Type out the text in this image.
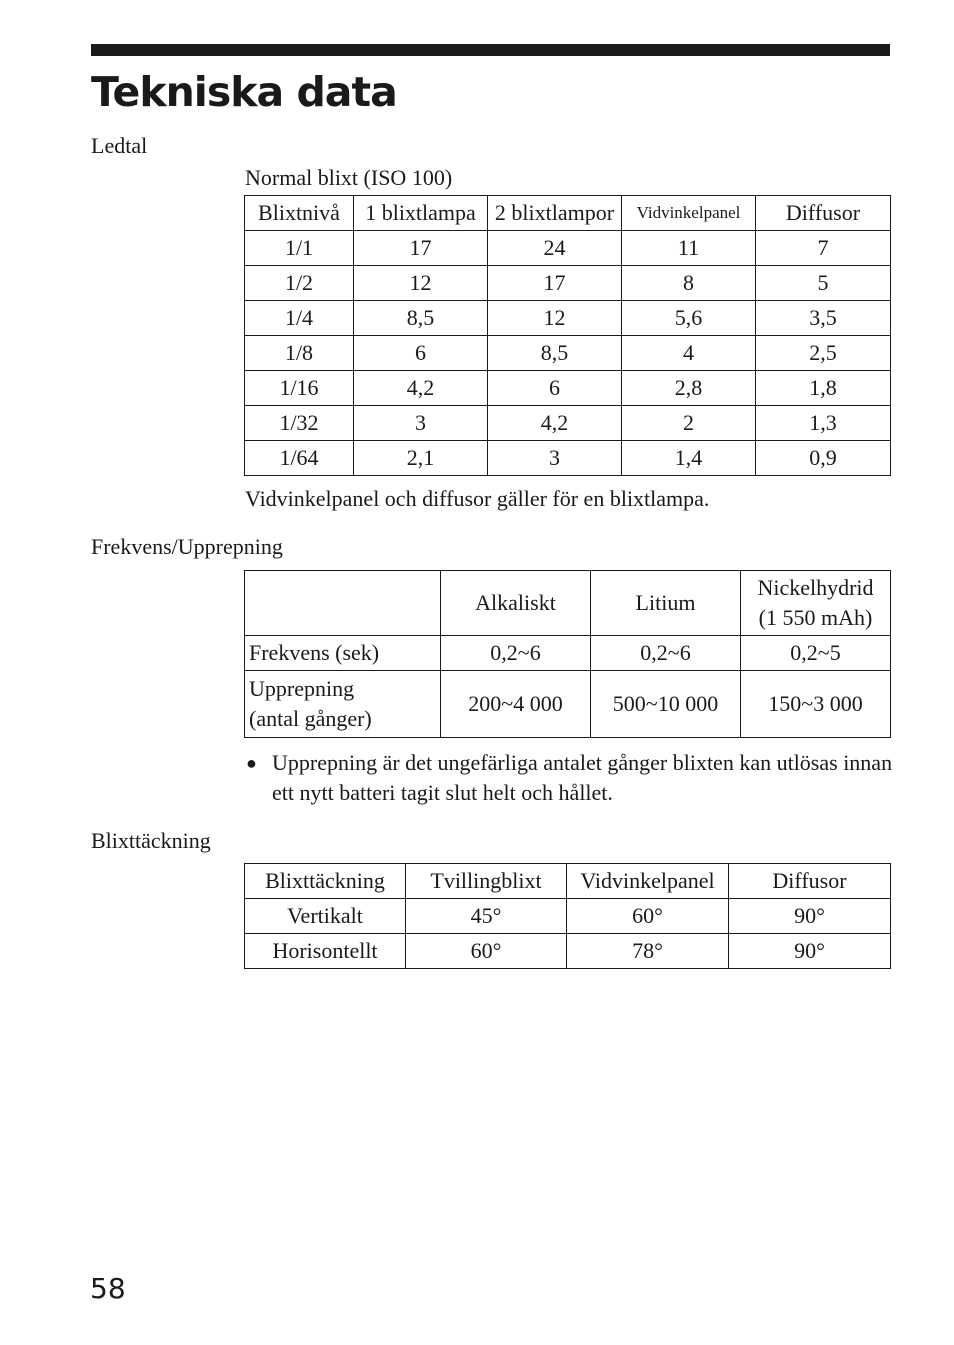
Tekniska data
Ledtal
Normal blixt (ISO 100)
Blixtnivå	1 blixtlampa	2 blixtlampor	Vidvinkelpanel	Diffusor
1/1	17	24	11	7
1/2	12	17	8	5
1/4	8,5	12	5,6	3,5
1/8	6	8,5	4	2,5
1/16	4,2	6	2,8	1,8
1/32	3	4,2	2	1,3
1/64	2,1	3	1,4	0,9
Vidvinkelpanel och diffusor gäller för en blixtlampa.
Frekvens/Upprepning
	Alkaliskt	Litium	Nickelhydrid
(1 550 mAh)
Frekvens (sek)	0,2~6	0,2~6	0,2~5
Upprepning
(antal gånger)	200~4 000	500~10 000	150~3 000
● Upprepning är det ungefärliga antalet gånger blixten kan utlösas innan ett nytt batteri tagit slut helt och hållet.
Blixttäckning
Blixttäckning	Tvillingblixt	Vidvinkelpanel	Diffusor
Vertikalt	45°	60°	90°
Horisontellt	60°	78°	90°
58
